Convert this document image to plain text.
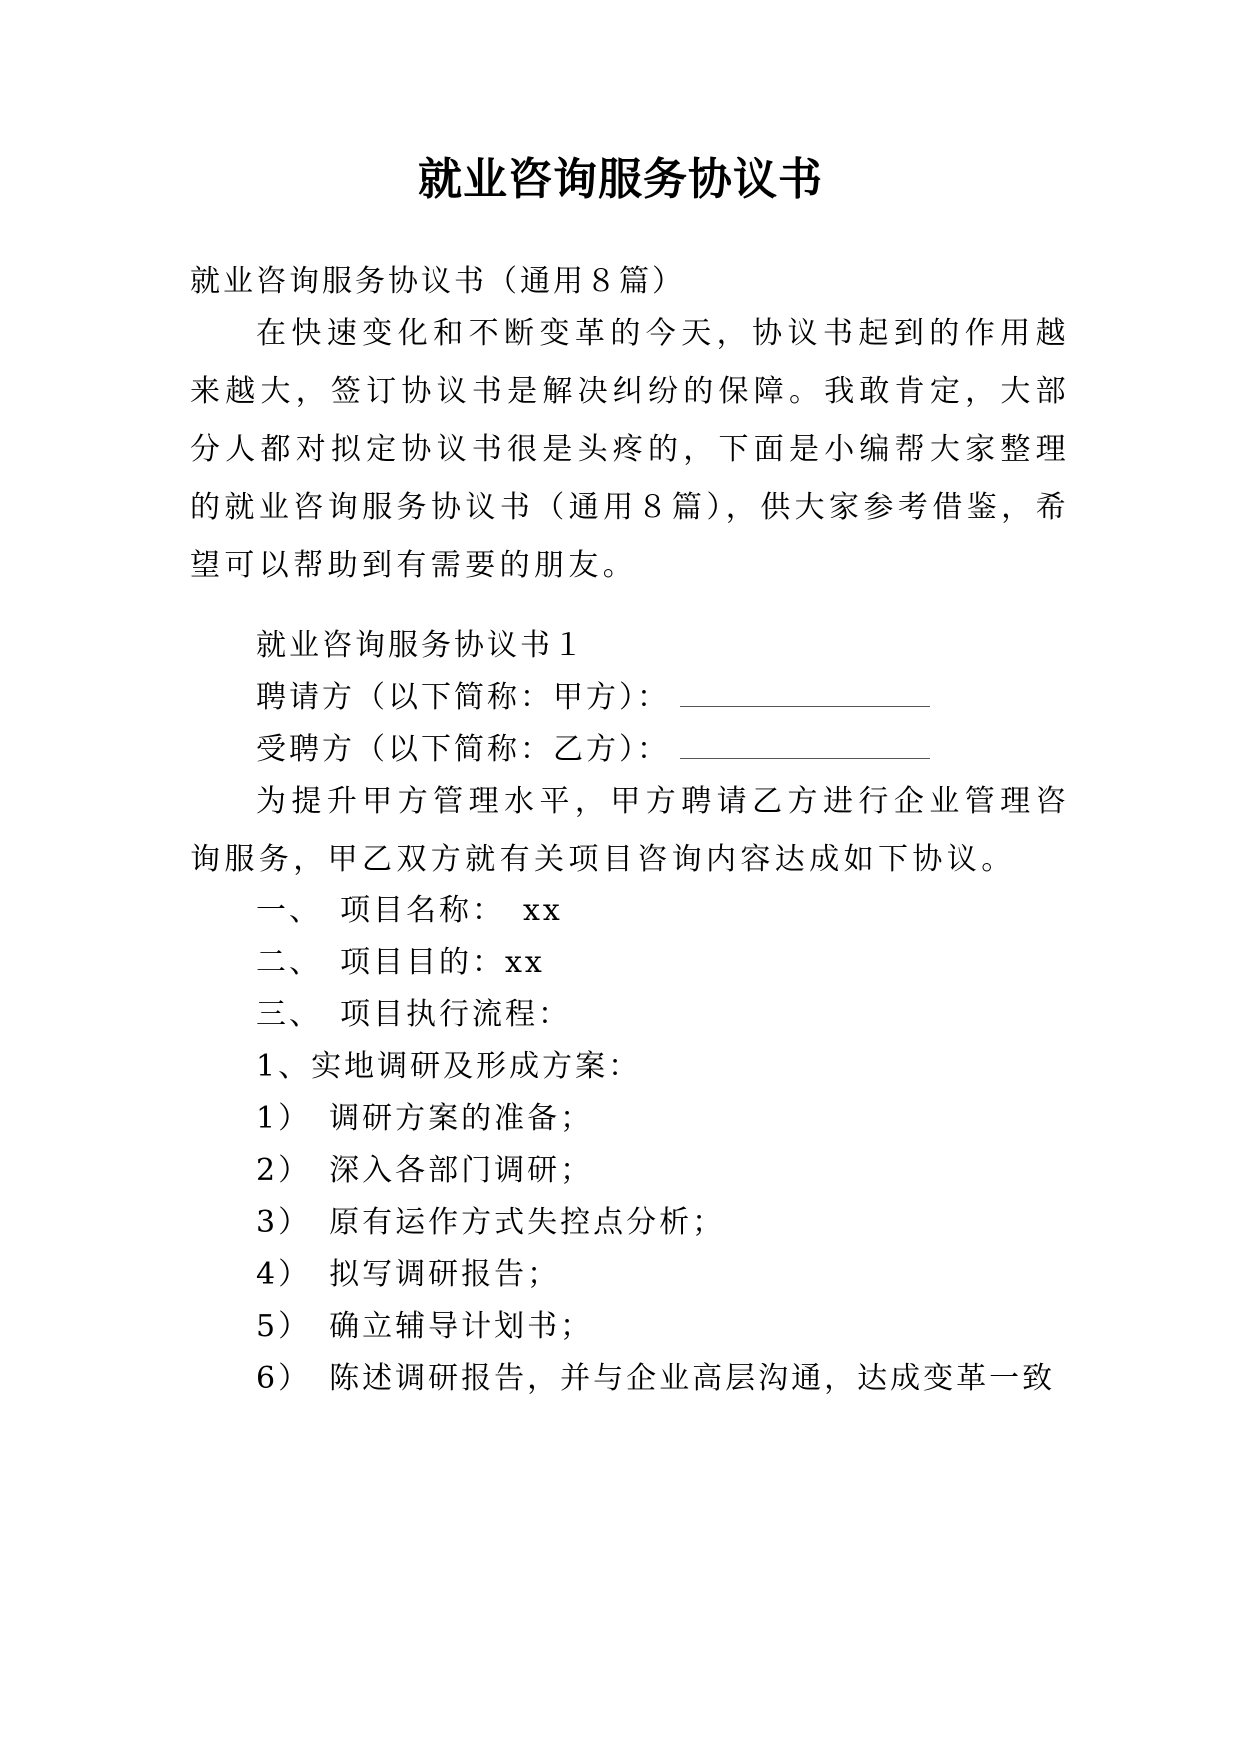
就业咨询服务协议书
就业咨询服务协议书（通用８篇）
在快速变化和不断变革的今天，协议书起到的作用越来越大，签订协议书是解决纠纷的保障。我敢肯定，大部分人都对拟定协议书很是头疼的，下面是小编帮大家整理的就业咨询服务协议书（通用８篇），供大家参考借鉴，希望可以帮助到有需要的朋友。
就业咨询服务协议书１
聘请方（以下简称：甲方）：
受聘方（以下简称：乙方）：
为提升甲方管理水平，甲方聘请乙方进行企业管理咨询服务，甲乙双方就有关项目咨询内容达成如下协议。
一、　项目名称：　xx
二、　项目目的：xx
三、　项目执行流程：
1、实地调研及形成方案：
1）　调研方案的准备；
2）　深入各部门调研；
3）　原有运作方式失控点分析；
4）　拟写调研报告；
5）　确立辅导计划书；
6）　陈述调研报告，并与企业高层沟通，达成变革一致
